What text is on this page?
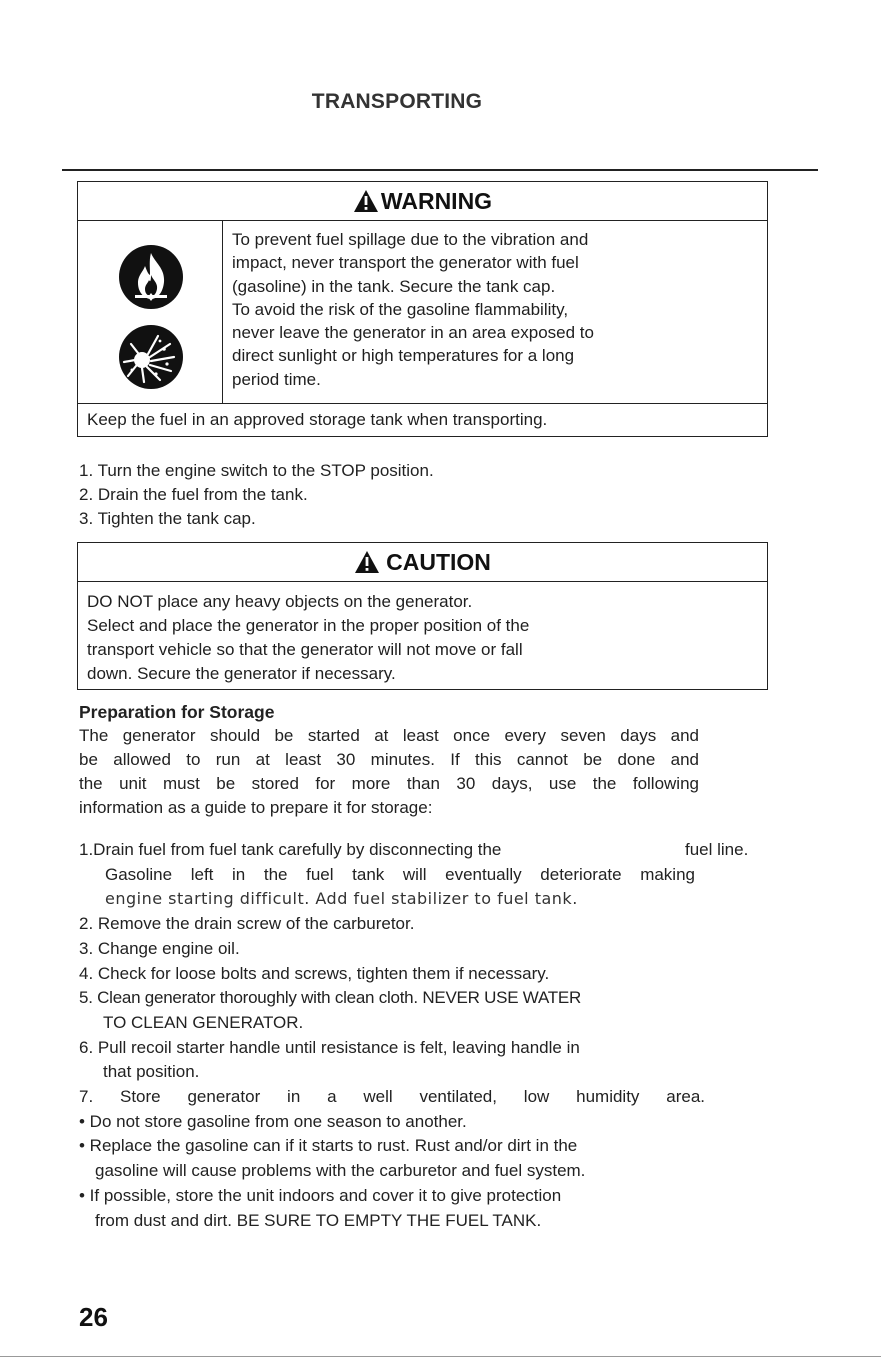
TRANSPORTING
WARNING
To prevent fuel spillage due to the vibration and
impact, never transport the generator with fuel
(gasoline) in the tank. Secure the tank cap.
To avoid the risk of the gasoline flammability,
never leave the generator in an area exposed to
direct sunlight or high temperatures for a long
period time.
Keep the fuel in an approved storage tank when transporting.
1. Turn the engine switch to the STOP position.
2. Drain the fuel from the tank.
3. Tighten the tank cap.
CAUTION
DO NOT place any heavy objects on the generator.
Select and place the generator in the proper position of the
transport vehicle so that the generator will not move or fall
down. Secure the generator if necessary.
Preparation for Storage
The generator should be started at least once every seven days and
be allowed to run at least 30 minutes. If this cannot be done and
the unit must be stored for more than 30 days, use the following
information as a guide to prepare it for storage:
1.Drain fuel from fuel tank carefully by disconnecting the	fuel line.
Gasoline left in the fuel tank will eventually deteriorate making
engine starting difficult. Add fuel stabilizer to fuel tank.
2. Remove the drain screw of the carburetor.
3. Change engine oil.
4. Check for loose bolts and screws, tighten them if necessary.
5. Clean generator thoroughly with clean cloth. NEVER USE WATER
TO CLEAN GENERATOR.
6. Pull recoil starter handle until resistance is felt, leaving handle in
that position.
7. Store generator in a well ventilated, low humidity area.
• Do not store gasoline from one season to another.
• Replace the gasoline can if it starts to rust. Rust and/or dirt in the
gasoline will cause problems with the carburetor and fuel system.
• If possible, store the unit indoors and cover it to give protection
from dust and dirt. BE SURE TO EMPTY THE FUEL TANK.
26
